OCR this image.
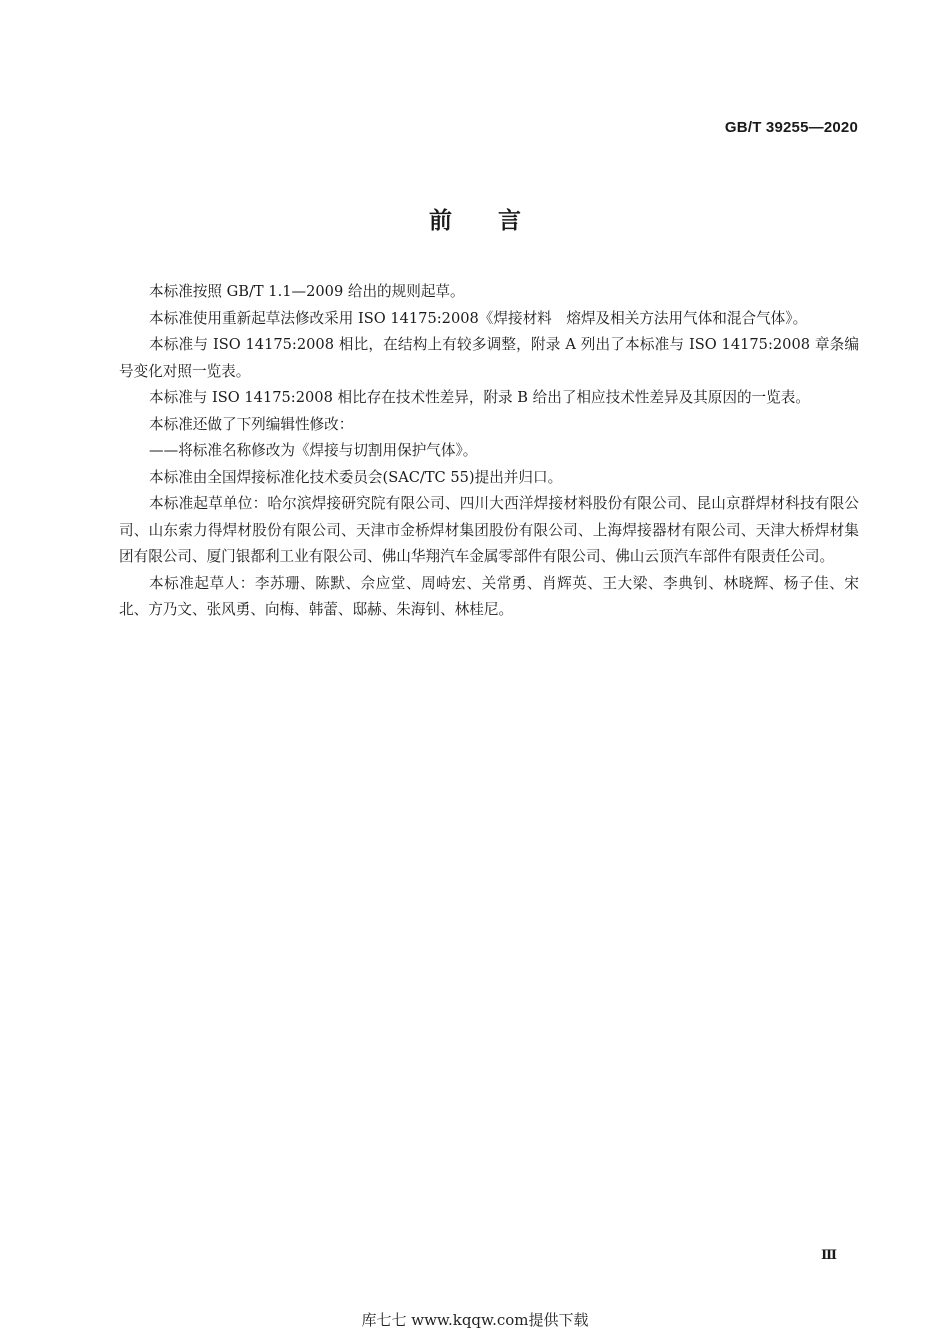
GB/T 39255—2020
前言

本标准按照 GB/T 1.1—2009 给出的规则起草。

本标准使用重新起草法修改采用 ISO 14175:2008《焊接材料　熔焊及相关方法用气体和混合气体》。

本标准与 ISO 14175:2008 相比，在结构上有较多调整，附录 A 列出了本标准与 ISO 14175:2008 章条编号变化对照一览表。

本标准与 ISO 14175:2008 相比存在技术性差异，附录 B 给出了相应技术性差异及其原因的一览表。

本标准还做了下列编辑性修改：

——将标准名称修改为《焊接与切割用保护气体》。

本标准由全国焊接标准化技术委员会(SAC/TC 55)提出并归口。

本标准起草单位：哈尔滨焊接研究院有限公司、四川大西洋焊接材料股份有限公司、昆山京群焊材科技有限公司、山东索力得焊材股份有限公司、天津市金桥焊材集团股份有限公司、上海焊接器材有限公司、天津大桥焊材集团有限公司、厦门银都利工业有限公司、佛山华翔汽车金属零部件有限公司、佛山云顶汽车部件有限责任公司。

本标准起草人：李苏珊、陈默、佘应堂、周峙宏、关常勇、肖辉英、王大梁、李典钊、林晓辉、杨子佳、宋北、方乃文、张风勇、向梅、韩蕾、邸赫、朱海钊、林桂尼。

Ⅲ
库七七 www.kqqw.com提供下载
